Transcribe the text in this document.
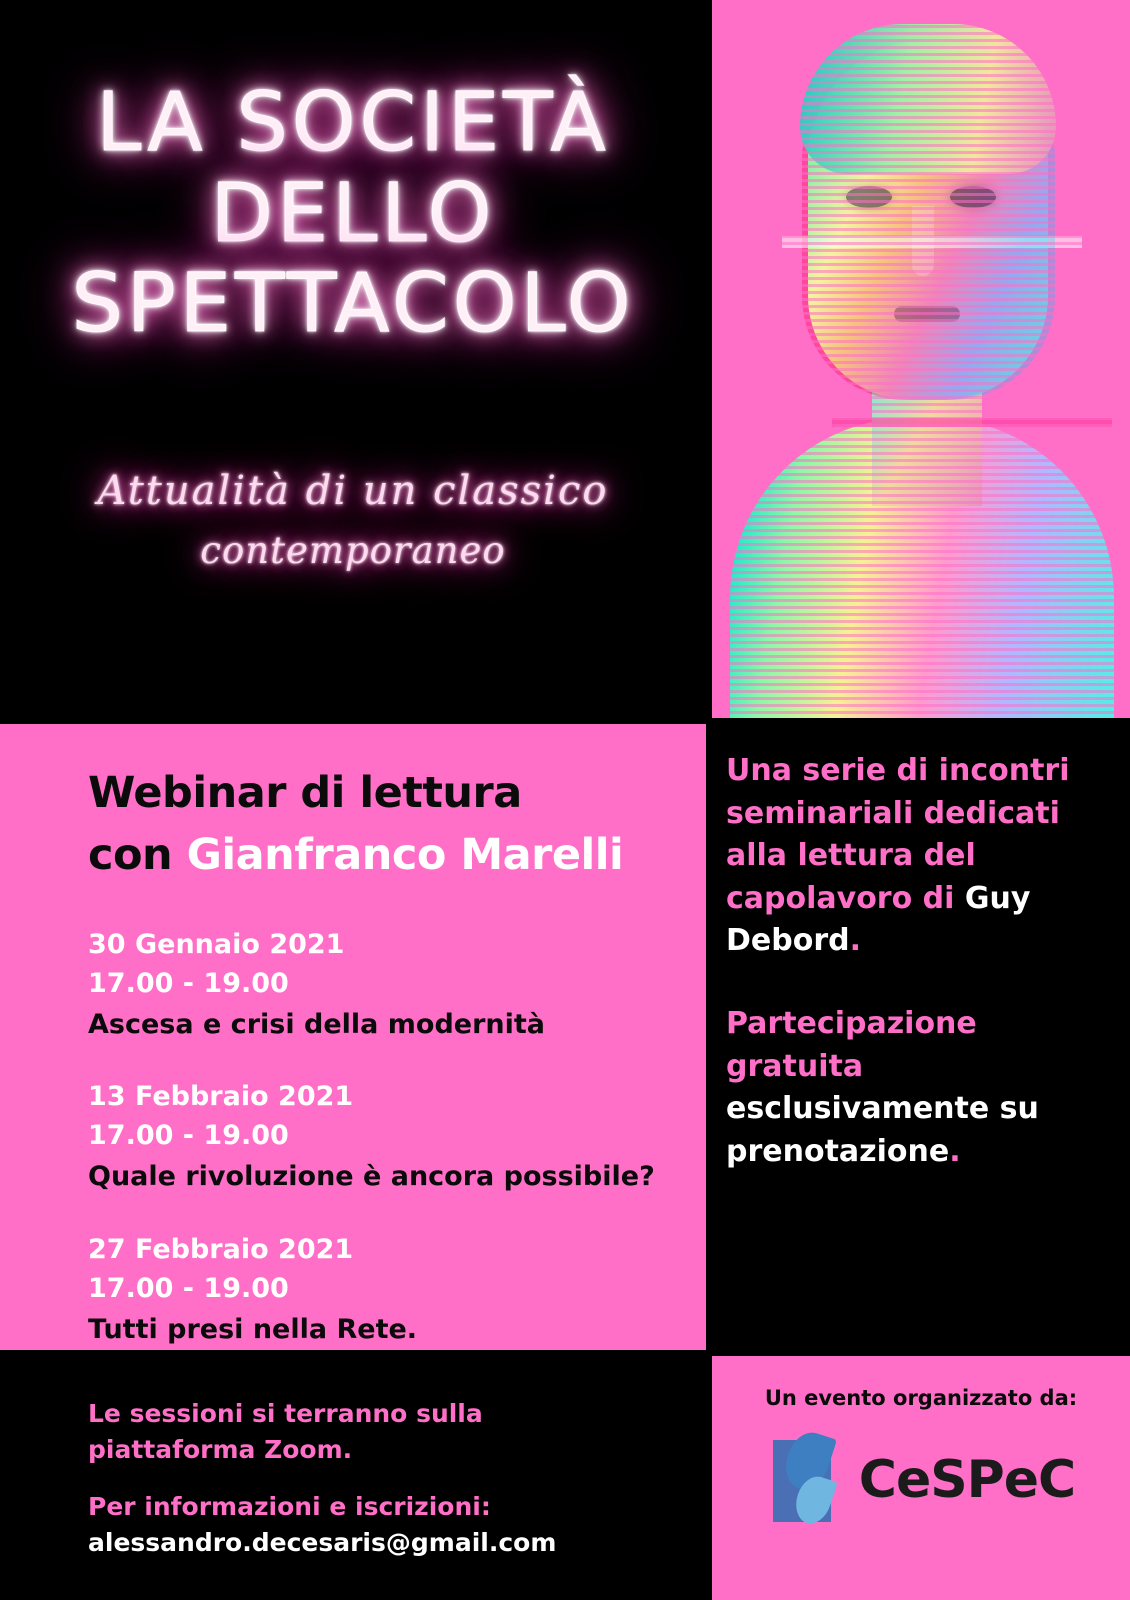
LA SOCIETÀ
DELLO
SPETTACOLO
Attualità di un classico
contemporaneo
Webinar di lettura
con Gianfranco Marelli
30 Gennaio 2021
17.00 - 19.00
Ascesa e crisi della modernità
13 Febbraio 2021
17.00 - 19.00
Quale rivoluzione è ancora possibile?
27 Febbraio 2021
17.00 - 19.00
Tutti presi nella Rete.
Una serie di incontri seminariali dedicati alla lettura del capolavoro di Guy Debord.
Partecipazione gratuita esclusivamente su prenotazione.
Le sessioni si terranno sulla
piattaforma Zoom.
Per informazioni e iscrizioni:
alessandro.decesaris@gmail.com
Un evento organizzato da:
CeSPeC
